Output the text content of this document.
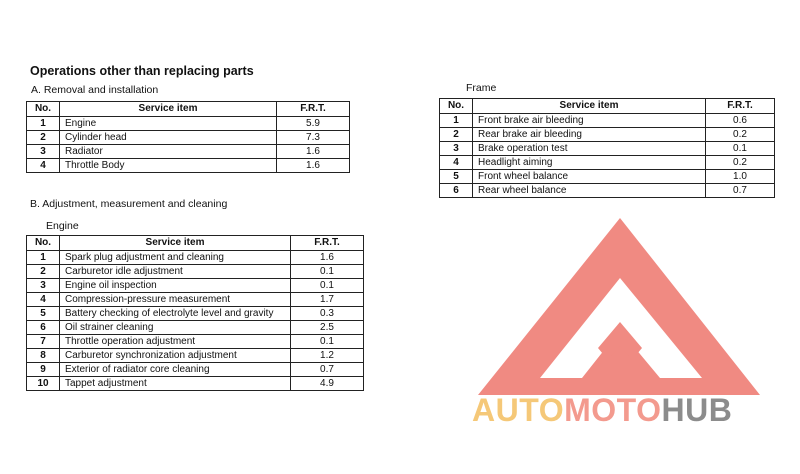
AUTOMOTOHUB
Operations other than replacing parts
A. Removal and installation
No.	Service item	F.R.T.
1	Engine	5.9
2	Cylinder head	7.3
3	Radiator	1.6
4	Throttle Body	1.6
B. Adjustment, measurement and cleaning
Engine
No.	Service item	F.R.T.
1	Spark plug adjustment and cleaning	1.6
2	Carburetor idle adjustment	0.1
3	Engine oil inspection	0.1
4	Compression-pressure measurement	1.7
5	Battery checking of electrolyte level and gravity	0.3
6	Oil strainer cleaning	2.5
7	Throttle operation adjustment	0.1
8	Carburetor synchronization adjustment	1.2
9	Exterior of radiator core cleaning	0.7
10	Tappet adjustment	4.9
Frame
No.	Service item	F.R.T.
1	Front brake air bleeding	0.6
2	Rear brake air bleeding	0.2
3	Brake operation test	0.1
4	Headlight aiming	0.2
5	Front wheel balance	1.0
6	Rear wheel balance	0.7
